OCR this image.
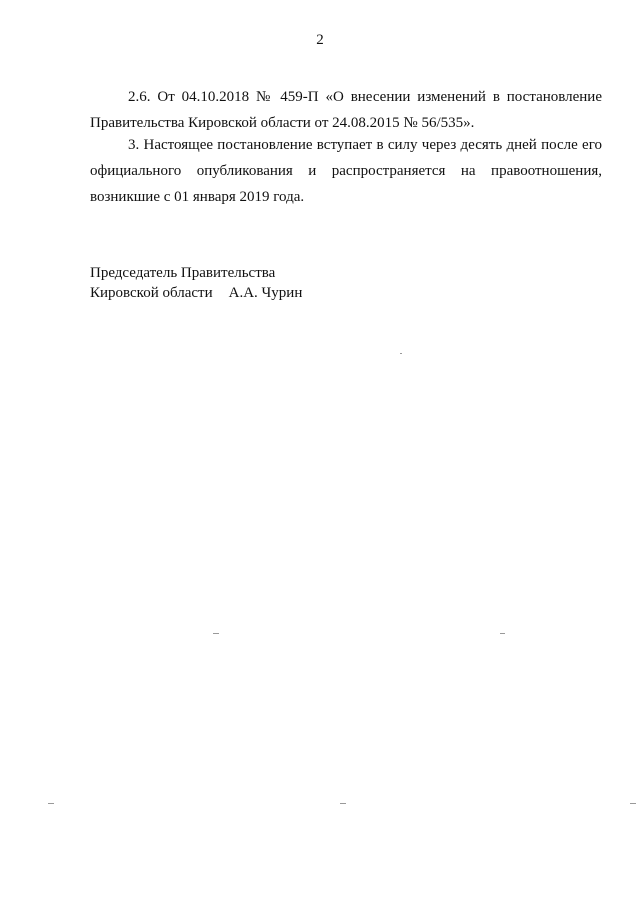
2
2.6. От 04.10.2018 № 459-П «О внесении изменений в постановление Правительства Кировской области от 24.08.2015 № 56/535».
3. Настоящее постановление вступает в силу через десять дней после его официального опубликования и распространяется на правоотношения, возникшие с 01 января 2019 года.
Председатель Правительства
Кировской области А.А. Чурин
